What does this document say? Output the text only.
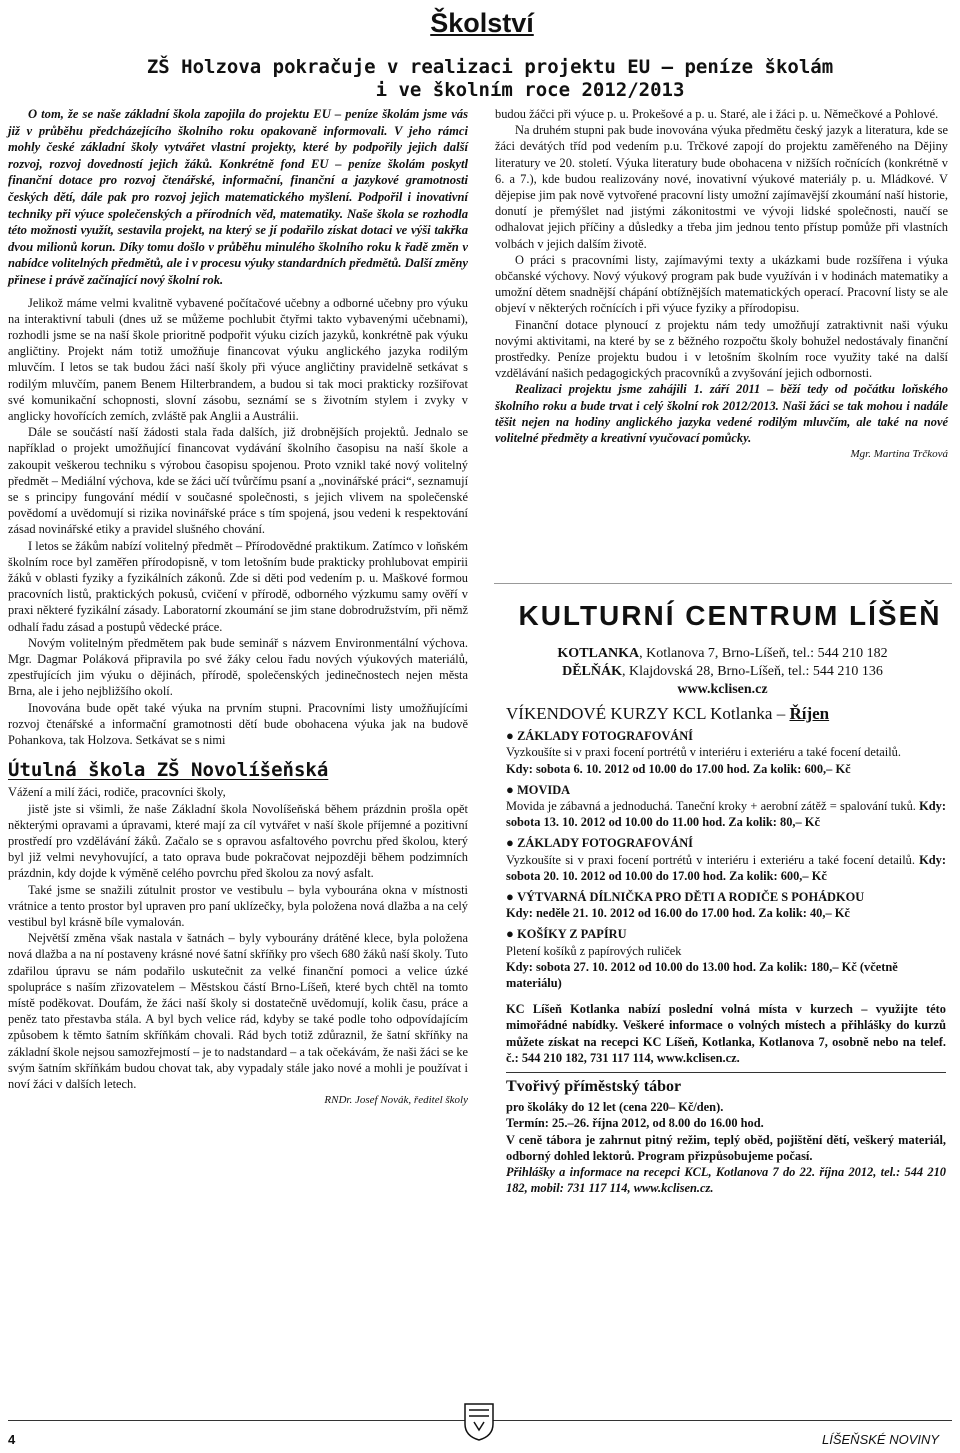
Školství
ZŠ Holzova pokračuje v realizaci projektu EU – peníze školám
i ve školním roce 2012/2013

O tom, že se naše základní škola zapojila do projektu EU – peníze školám jsme vás již v průběhu předcházejícího školního roku opakovaně informovali. V jeho rámci mohly české základní školy vytvářet vlastní projekty, které by podpořily jejich další rozvoj, rozvoj dovedností jejich žáků. Konkrétně fond EU – peníze školám poskytl finanční dotace pro rozvoj čtenářské, informační, finanční a jazykové gramotnosti českých dětí, dále pak pro rozvoj jejich matematického myšlení. Podpořil i inovativní techniky při výuce společenských a přírodních věd, matematiky. Naše škola se rozhodla této možnosti využít, sestavila projekt, na který se jí podařilo získat dotaci ve výši takřka dvou milionů korun. Díky tomu došlo v průběhu minulého školního roku k řadě změn v nabídce volitelných předmětů, ale i v procesu výuky standardních předmětů. Další změny přinese i právě začínající nový školní rok.

Jelikož máme velmi kvalitně vybavené počítačové učebny a odborné učebny pro výuku na interaktivní tabuli (dnes už se můžeme pochlubit čtyřmi takto vybavenými učebnami), rozhodli jsme se na naší škole prioritně podpořit výuku cizích jazyků, konkrétně pak výuku angličtiny. Projekt nám totiž umožňuje financovat výuku anglického jazyka rodilým mluvčím. I letos se tak budou žáci naší školy při výuce angličtiny pravidelně setkávat s rodilým mluvčím, panem Benem Hilterbrandem, a budou si tak moci prakticky rozšiřovat své komunikační schopnosti, slovní zásobu, seznámí se s životním stylem i zvyky v anglicky hovořících zemích, zvláště pak Anglii a Austrálii.

Dále se součástí naší žádosti stala řada dalších, již drobnějších projektů. Jednalo se například o projekt umožňující financovat vydávání školního časopisu na naší škole a zakoupit veškerou techniku s výrobou časopisu spojenou. Proto vznikl také nový volitelný předmět – Mediální výchova, kde se žáci učí tvůrčímu psaní a „novinářské práci“, seznamují se s principy fungování médií v současné společnosti, s jejich vlivem na společenské povědomí a uvědomují si rizika novinářské práce s tím spojená, jsou vedeni k respektování zásad novinářské etiky a pravidel slušného chování.

I letos se žákům nabízí volitelný předmět – Přírodovědné praktikum. Zatímco v loňském školním roce byl zaměřen přírodopisně, v tom letošním bude prakticky prohlubovat empirii žáků v oblasti fyziky a fyzikálních zákonů. Zde si děti pod vedením p. u. Maškové formou pracovních listů, praktických pokusů, cvičení v přírodě, odborného výzkumu samy ověří v praxi některé fyzikální zásady. Laboratorní zkoumání se jim stane dobrodružstvím, při němž odhalí řadu zásad a postupů vědecké práce.

Novým volitelným předmětem pak bude seminář s názvem Environmentální výchova. Mgr. Dagmar Poláková připravila po své žáky celou řadu nových výukových materiálů, zpestřujících jim výuku o dějinách, přírodě, společenských jedinečnostech nejen města Brna, ale i jeho nejbližšího okolí.

Inovována bude opět také výuka na prvním stupni. Pracovními listy umožňujícími rozvoj čtenářské a informační gramotnosti dětí bude obohacena výuka jak na budově Pohankova, tak Holzova. Setkávat se s nimi

Útulná škola ZŠ Novolíšeňská

Vážení a milí žáci, rodiče, pracovníci školy,

jistě jste si všimli, že naše Základní škola Novolíšeňská během prázdnin prošla opět některými opravami a úpravami, které mají za cíl vytvářet v naší škole příjemné a pozitivní prostředí pro vzdělávání žáků. Začalo se s opravou asfaltového povrchu před školou, který byl již velmi nevyhovující, a tato oprava bude pokračovat nejpozději během podzimních prázdnin, kdy dojde k výměně celého povrchu před školou za nový asfalt.

Také jsme se snažili zútulnit prostor ve vestibulu – byla vybourána okna v místnosti vrátnice a tento prostor byl upraven pro paní uklízečky, byla položena nová dlažba a na celý vestibul byl krásně bíle vymalován.

Největší změna však nastala v šatnách – byly vybourány drátěné klece, byla položena nová dlažba a na ní postaveny krásné nové šatní skříňky pro všech 680 žáků naší školy. Tuto zdařilou úpravu se nám podařilo uskutečnit za velké finanční pomoci a velice úzké spolupráce s naším zřizovatelem – Městskou částí Brno-Líšeň, které bych chtěl na tomto místě poděkovat. Doufám, že žáci naší školy si dostatečně uvědomují, kolik času, práce a peněz tato přestavba stála. A byl bych velice rád, kdyby se také podle toho odpovídajícím způsobem k těmto šatním skříňkám chovali. Rád bych totiž zdůraznil, že šatní skříňky na základní škole nejsou samozřejmostí – je to nadstandard – a tak očekávám, že naši žáci se ke svým šatním skříňkám budou chovat tak, aby vypadaly stále jako nové a mohli je používat i noví žáci v dalších letech.

RNDr. Josef Novák, ředitel školy

budou žáčci při výuce p. u. Prokešové a p. u. Staré, ale i žáci p. u. Němečkové a Pohlové.

Na druhém stupni pak bude inovována výuka předmětu český jazyk a literatura, kde se žáci devátých tříd pod vedením p.u. Trčkové zapojí do projektu zaměřeného na Dějiny literatury ve 20. století. Výuka literatury bude obohacena v nižších ročnících (konkrétně v 6. a 7.), kde budou realizovány nové, inovativní výukové materiály p. u. Mládkové. V dějepise jim pak nově vytvořené pracovní listy umožní zajímavější zkoumání naší historie, donutí je přemýšlet nad jistými zákonitostmi ve vývoji lidské společnosti, naučí se odhalovat jejich příčiny a důsledky a třeba jim jednou tento přístup pomůže při vlastních volbách v jejich dalším životě.

O práci s pracovními listy, zajímavými texty a ukázkami bude rozšířena i výuka občanské výchovy. Nový výukový program pak bude využíván i v hodinách matematiky a umožní dětem snadnější chápání obtížnějších matematických operací. Pracovní listy se ale objeví v některých ročnících i při výuce fyziky a přírodopisu.

Finanční dotace plynoucí z projektu nám tedy umožňují zatraktivnit naši výuku novými aktivitami, na které by se z běžného rozpočtu školy bohužel nedostávaly finanční prostředky. Peníze projektu budou i v letošním školním roce využity také na další vzdělávání našich pedagogických pracovníků a zvyšování jejich odbornosti.

Realizaci projektu jsme zahájili 1. září 2011 – běží tedy od počátku loňského školního roku a bude trvat i celý školní rok 2012/2013. Naši žáci se tak mohou i nadále těšit nejen na hodiny anglického jazyka vedené rodilým mluvčím, ale také na nové volitelné předměty a kreativní vyučovací pomůcky.

Mgr. Martina Trčková
KULTURNÍ CENTRUM LÍŠEŇ
KOTLANKA, Kotlanova 7, Brno-Líšeň, tel.: 544 210 182
DĚLŇÁK, Klajdovská 28, Brno-Líšeň, tel.: 544 210 136
www.kclisen.cz
VÍKENDOVÉ KURZY KCL Kotlanka – Říjen
● ZÁKLADY FOTOGRAFOVÁNÍ
Vyzkoušíte si v praxi focení portrétů v interiéru i exteriéru a také focení detailů.
Kdy: sobota 6. 10. 2012 od 10.00 do 17.00 hod. Za kolik: 600,– Kč
● MOVIDA
Movida je zábavná a jednoduchá. Taneční kroky + aerobní zátěž = spalování tuků. Kdy: sobota 13. 10. 2012 od 10.00 do 11.00 hod. Za kolik: 80,– Kč
● ZÁKLADY FOTOGRAFOVÁNÍ
Vyzkoušíte si v praxi focení portrétů v interiéru i exteriéru a také focení detailů. Kdy: sobota 20. 10. 2012 od 10.00 do 17.00 hod. Za kolik: 600,– Kč
● VÝTVARNÁ DÍLNIČKA PRO DĚTI A RODIČE S POHÁDKOU
Kdy: neděle 21. 10. 2012 od 16.00 do 17.00 hod. Za kolik: 40,– Kč
● KOŠÍKY Z PAPÍRU
Pletení košíků z papírových ruliček
Kdy: sobota 27. 10. 2012 od 10.00 do 13.00 hod. Za kolik: 180,– Kč (včetně materiálu)
KC Líšeň Kotlanka nabízí poslední volná místa v kurzech – využijte této mimořádné nabídky. Veškeré informace o volných místech a přihlášky do kurzů můžete získat na recepci KC Líšeň, Kotlanka, Kotlanova 7, osobně nebo na telef. č.: 544 210 182, 731 117 114, www.kclisen.cz.
Tvořivý příměstský tábor
pro školáky do 12 let (cena 220– Kč/den).
Termín: 25.–26. října 2012, od 8.00 do 16.00 hod.
V ceně tábora je zahrnut pitný režim, teplý oběd, pojištění dětí, veškerý materiál, odborný dohled lektorů. Program přizpůsobujeme počasí.
Přihlášky a informace na recepci KCL, Kotlanova 7 do 22. října 2012, tel.: 544 210 182, mobil: 731 117 114, www.kclisen.cz.
4	LÍŠEŇSKÉ NOVINY
